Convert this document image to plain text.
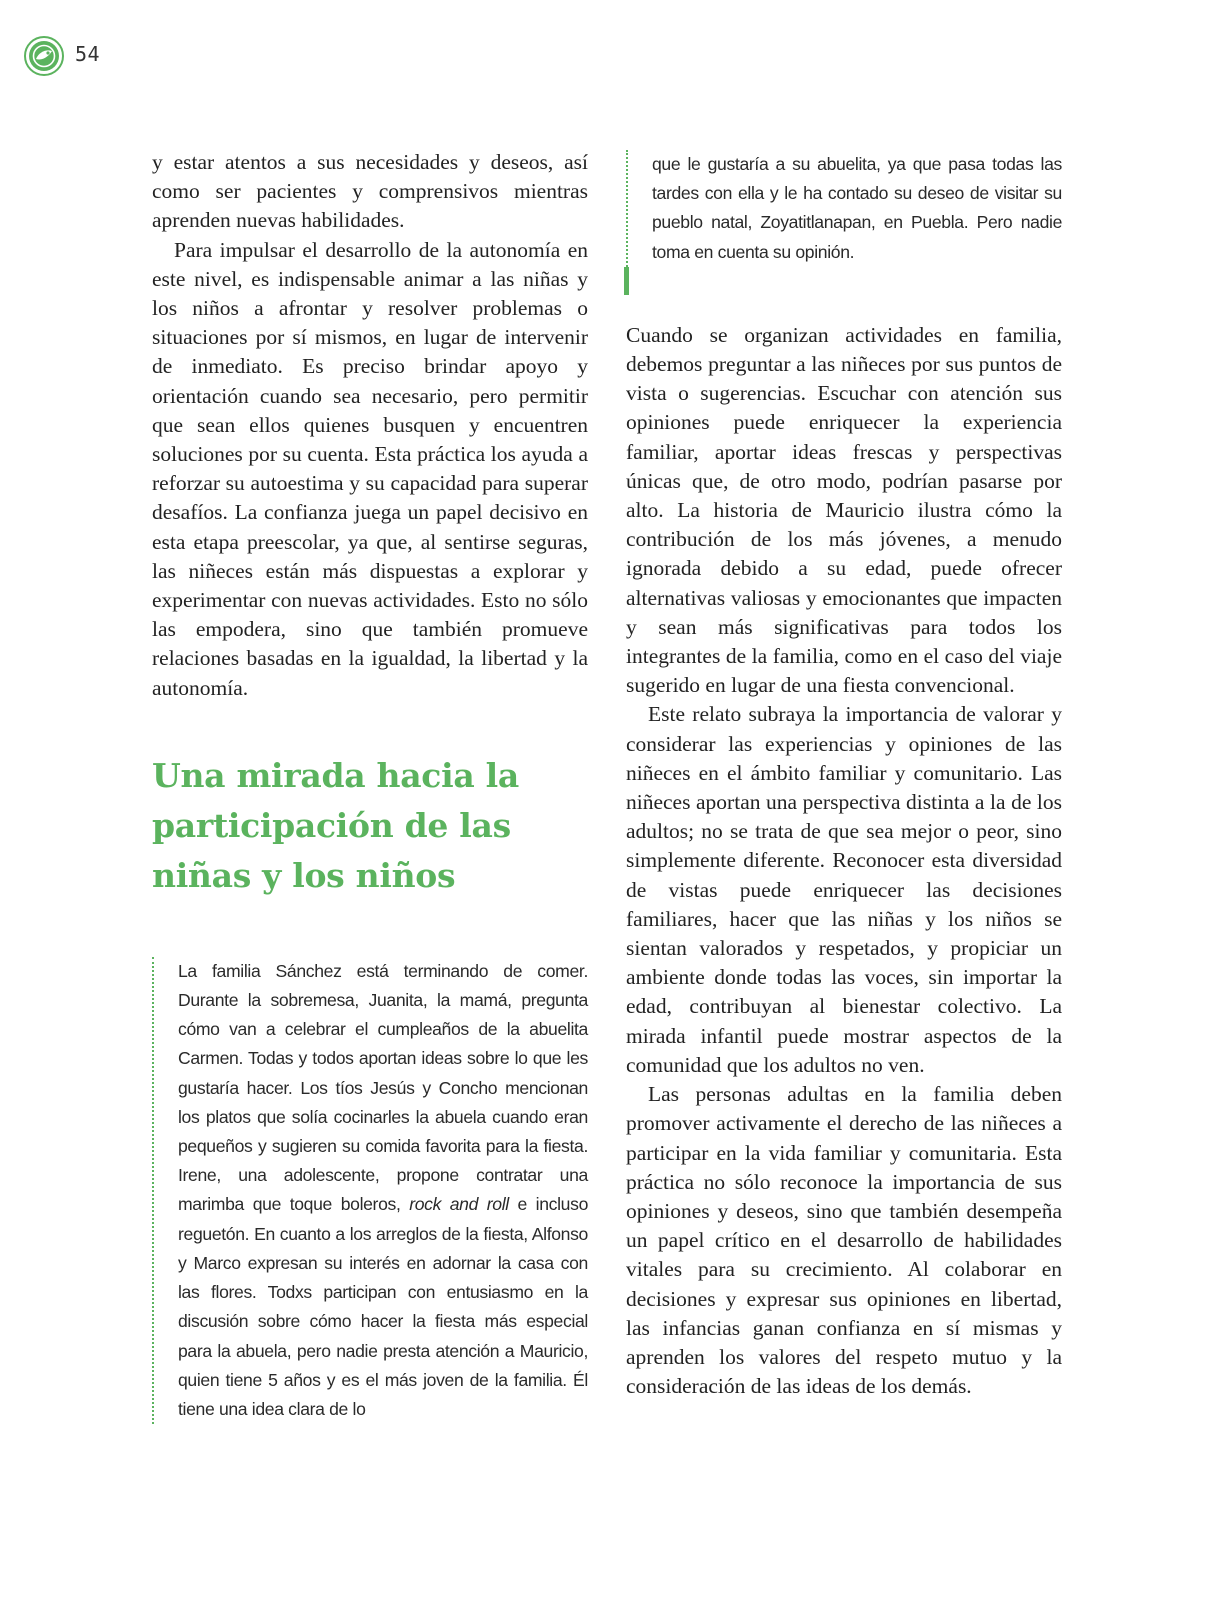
54

y estar atentos a sus necesidades y deseos, así como ser pacientes y comprensivos mientras aprenden nuevas habilidades.

Para impulsar el desarrollo de la autonomía en este nivel, es indispensable animar a las niñas y los niños a afrontar y resolver problemas o situaciones por sí mismos, en lugar de intervenir de inmediato. Es preciso brindar apoyo y orientación cuando sea necesario, pero permitir que sean ellos quienes busquen y encuentren soluciones por su cuenta. Esta práctica los ayuda a reforzar su autoestima y su capacidad para superar desafíos. La confianza juega un papel decisivo en esta etapa preescolar, ya que, al sentirse seguras, las niñeces están más dispuestas a explorar y experimentar con nuevas actividades. Esto no sólo las empodera, sino que también promueve relaciones basadas en la igualdad, la libertad y la autonomía.

Una mirada hacia la participación de las niñas y los niños

La familia Sánchez está terminando de comer. Durante la sobremesa, Juanita, la mamá, pregunta cómo van a celebrar el cumpleaños de la abuelita Carmen. Todas y todos aportan ideas sobre lo que les gustaría hacer. Los tíos Jesús y Concho mencionan los platos que solía cocinarles la abuela cuando eran pequeños y sugieren su comida favorita para la fiesta. Irene, una adolescente, propone contratar una marimba que toque boleros, rock and roll e incluso reguetón. En cuanto a los arreglos de la fiesta, Alfonso y Marco expresan su interés en adornar la casa con las flores. Todxs participan con entusiasmo en la discusión sobre cómo hacer la fiesta más especial para la abuela, pero nadie presta atención a Mauricio, quien tiene 5 años y es el más joven de la familia. Él tiene una idea clara de lo

que le gustaría a su abuelita, ya que pasa todas las tardes con ella y le ha contado su deseo de visitar su pueblo natal, Zoyatitlanapan, en Puebla. Pero nadie toma en cuenta su opinión.

Cuando se organizan actividades en familia, debemos preguntar a las niñeces por sus puntos de vista o sugerencias. Escuchar con atención sus opiniones puede enriquecer la experiencia familiar, aportar ideas frescas y perspectivas únicas que, de otro modo, podrían pasarse por alto. La historia de Mauricio ilustra cómo la contribución de los más jóvenes, a menudo ignorada debido a su edad, puede ofrecer alternativas valiosas y emocionantes que impacten y sean más significativas para todos los integrantes de la familia, como en el caso del viaje sugerido en lugar de una fiesta convencional.

Este relato subraya la importancia de valorar y considerar las experiencias y opiniones de las niñeces en el ámbito familiar y comunitario. Las niñeces aportan una perspectiva distinta a la de los adultos; no se trata de que sea mejor o peor, sino simplemente diferente. Reconocer esta diversidad de vistas puede enriquecer las decisiones familiares, hacer que las niñas y los niños se sientan valorados y respetados, y propiciar un ambiente donde todas las voces, sin importar la edad, contribuyan al bienestar colectivo. La mirada infantil puede mostrar aspectos de la comunidad que los adultos no ven.

Las personas adultas en la familia deben promover activamente el derecho de las niñeces a participar en la vida familiar y comunitaria. Esta práctica no sólo reconoce la importancia de sus opiniones y deseos, sino que también desempeña un papel crítico en el desarrollo de habilidades vitales para su crecimiento. Al colaborar en decisiones y expresar sus opiniones en libertad, las infancias ganan confianza en sí mismas y aprenden los valores del respeto mutuo y la consideración de las ideas de los demás.
